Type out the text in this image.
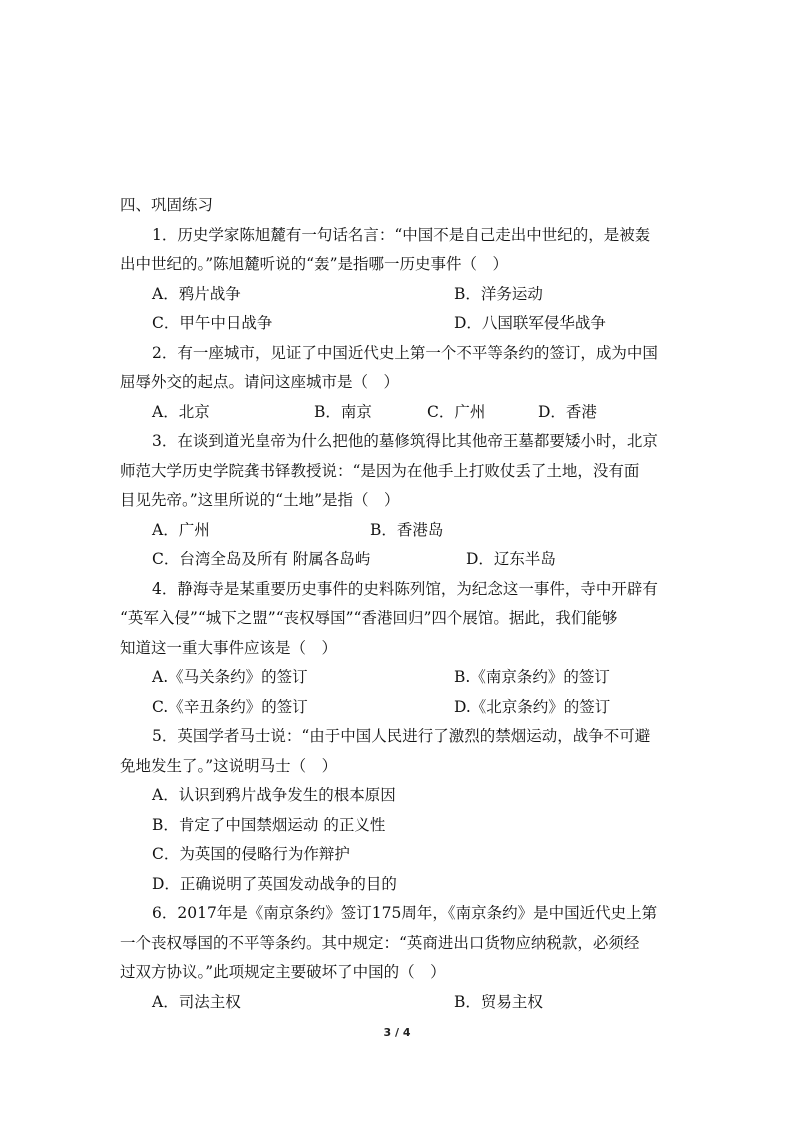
四、巩固练习
1．历史学家陈旭麓有一句话名言：“中国不是自己走出中世纪的，是被轰
出中世纪的。”陈旭麓听说的“轰”是指哪一历史事件（　）
A．鸦片战争	B．洋务运动
C．甲午中日战争	D．八国联军侵华战争
2．有一座城市，见证了中国近代史上第一个不平等条约的签订，成为中国
屈辱外交的起点。请问这座城市是（　）
A．北京	B．南京	C．广州	D．香港
3．在谈到道光皇帝为什么把他的墓修筑得比其他帝王墓都要矮小时，北京
师范大学历史学院龚书铎教授说：“是因为在他手上打败仗丢了土地，没有面
目见先帝。”这里所说的“土地”是指（　）
A．广州	B．香港岛
C．台湾全岛及所有 附属各岛屿	D．辽东半岛
4．静海寺是某重要历史事件的史料陈列馆，为纪念这一事件，寺中开辟有
“英军入侵”“城下之盟”“丧权辱国”“香港回归”四个展馆。据此，我们能够
知道这一重大事件应该是（　）
A.《马关条约》的签订	B.《南京条约》的签订
C.《辛丑条约》的签订	D.《北京条约》的签订
5．英国学者马士说：“由于中国人民进行了激烈的禁烟运动，战争不可避
免地发生了。”这说明马士（　）
A．认识到鸦片战争发生的根本原因
B．肯定了中国禁烟运动 的正义性
C．为英国的侵略行为作辩护
D．正确说明了英国发动战争的目的
6．2017年是《南京条约》签订175周年，《南京条约》是中国近代史上第
一个丧权辱国的不平等条约。其中规定：“英商进出口货物应纳税款，必须经
过双方协议。”此项规定主要破坏了中国的（　）
A．司法主权	B．贸易主权
3 / 4
